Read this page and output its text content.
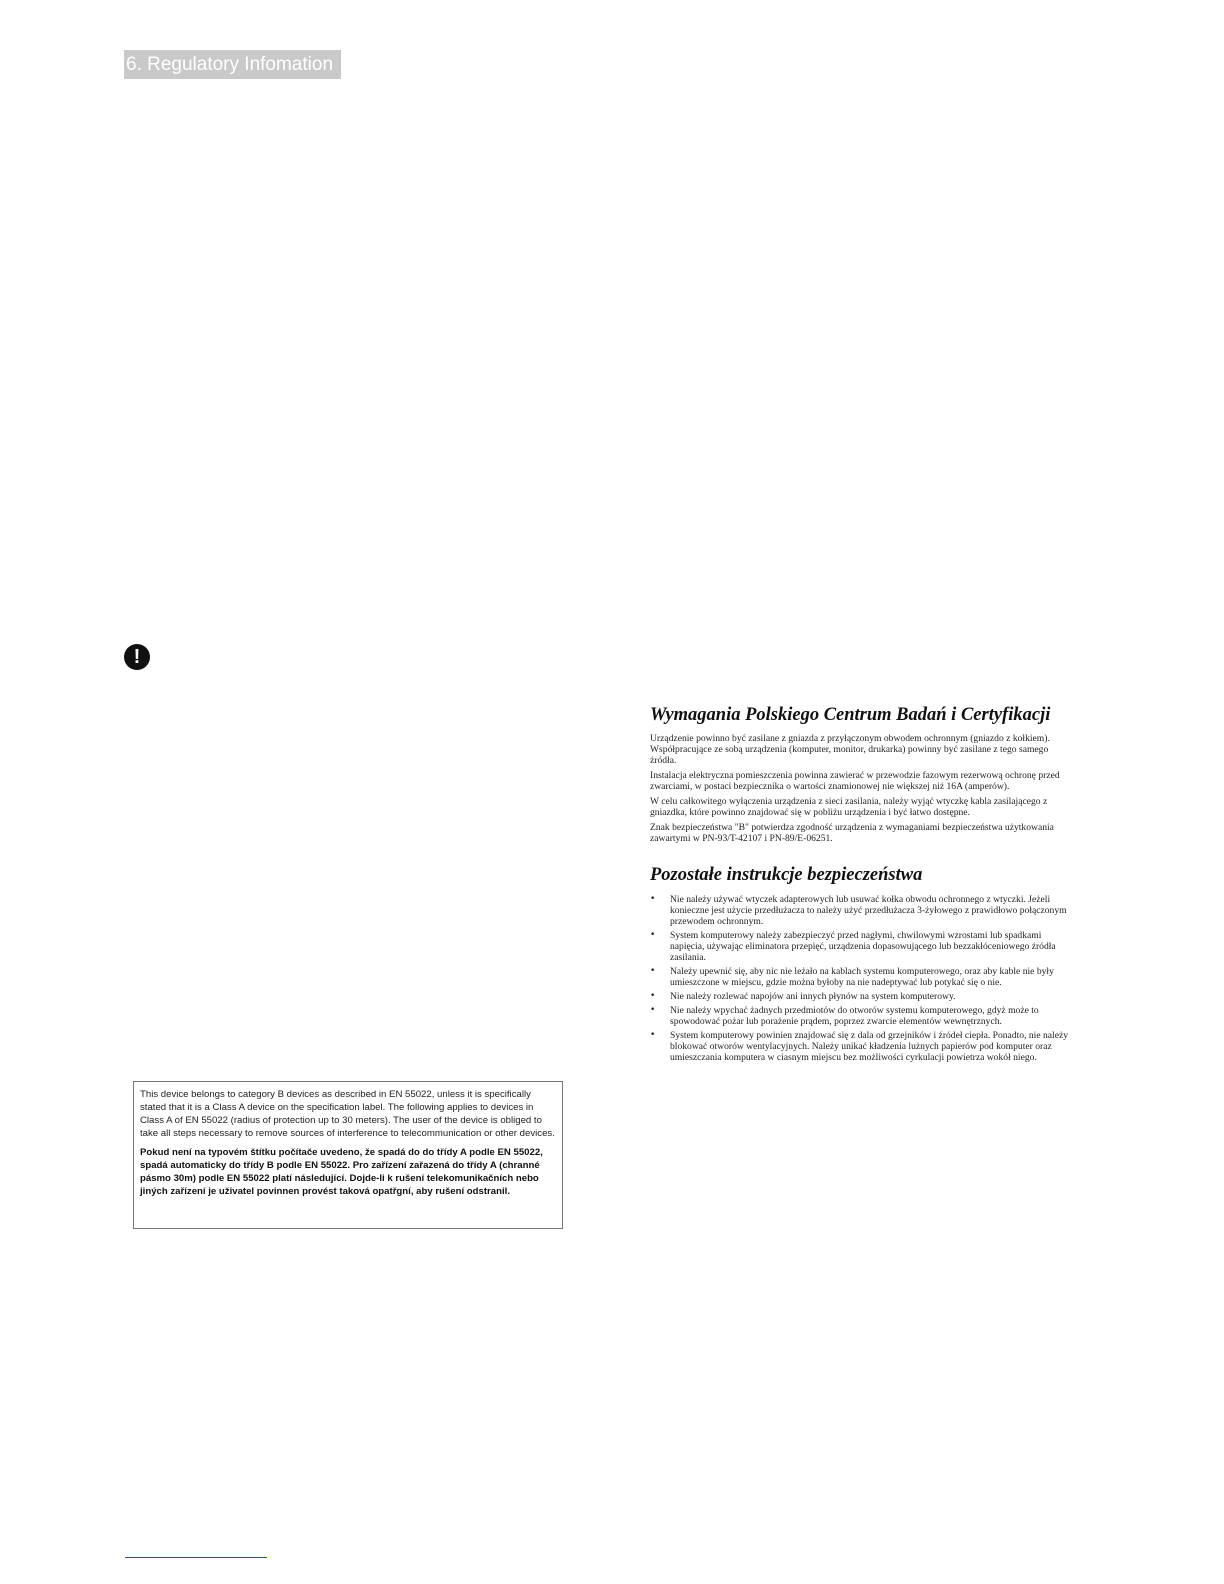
6. Regulatory Infomation
!

This device belongs to category B devices as described in EN 55022, unless it is specifically stated that it is a Class A device on the specification label. The following applies to devices in Class A of EN 55022 (radius of protection up to 30 meters). The user of the device is obliged to take all steps necessary to remove sources of interference to telecommunication or other devices.

Pokud není na typovém štítku počítače uvedeno, že spadá do do třídy A podle EN 55022, spadá automaticky do třídy B podle EN 55022. Pro zařízení zařazená do třídy A (chranné pásmo 30m) podle EN 55022 platí následující. Dojde-li k rušení telekomunikačních nebo jiných zařízení je uživatel povinnen provést taková opatřgní, aby rušení odstranil.

Wymagania Polskiego Centrum Badań i Certyfikacji

Urządzenie powinno być zasilane z gniazda z przyłączonym obwodem ochronnym (gniazdo z kołkiem). Współpracujące ze sobą urządzenia (komputer, monitor, drukarka) powinny być zasilane z tego samego źródła.

Instalacja elektryczna pomieszczenia powinna zawierać w przewodzie fazowym rezerwową ochronę przed zwarciami, w postaci bezpiecznika o wartości znamionowej nie większej niż 16A (amperów).

W celu całkowitego wyłączenia urządzenia z sieci zasilania, należy wyjąć wtyczkę kabla zasilającego z gniazdka, które powinno znajdować się w pobliżu urządzenia i być łatwo dostępne.

Znak bezpieczeństwa "B" potwierdza zgodność urządzenia z wymaganiami bezpieczeństwa użytkowania zawartymi w PN-93/T-42107 i PN-89/E-06251.

Pozostałe instrukcje bezpieczeństwa
• Nie należy używać wtyczek adapterowych lub usuwać kołka obwodu ochronnego z wtyczki. Jeżeli konieczne jest użycie przedłużacza to należy użyć przedłużacza 3-żyłowego z prawidłowo połączonym przewodem ochronnym.
• System komputerowy należy zabezpieczyć przed nagłymi, chwilowymi wzrostami lub spadkami napięcia, używając eliminatora przepięć, urządzenia dopasowującego lub bezzakłóceniowego źródła zasilania.
• Należy upewnić się, aby nic nie leżało na kablach systemu komputerowego, oraz aby kable nie były umieszczone w miejscu, gdzie można byłoby na nie nadeptywać lub potykać się o nie.
• Nie należy rozlewać napojów ani innych płynów na system komputerowy.
• Nie należy wpychać żadnych przedmiotów do otworów systemu komputerowego, gdyż może to spowodować pożar lub porażenie prądem, poprzez zwarcie elementów wewnętrznych.
• System komputerowy powinien znajdować się z dala od grzejników i źródeł ciepła. Ponadto, nie należy blokować otworów wentylacyjnych. Należy unikać kładzenia lużnych papierów pod komputer oraz umieszczania komputera w ciasnym miejscu bez możliwości cyrkulacji powietrza wokół niego.
